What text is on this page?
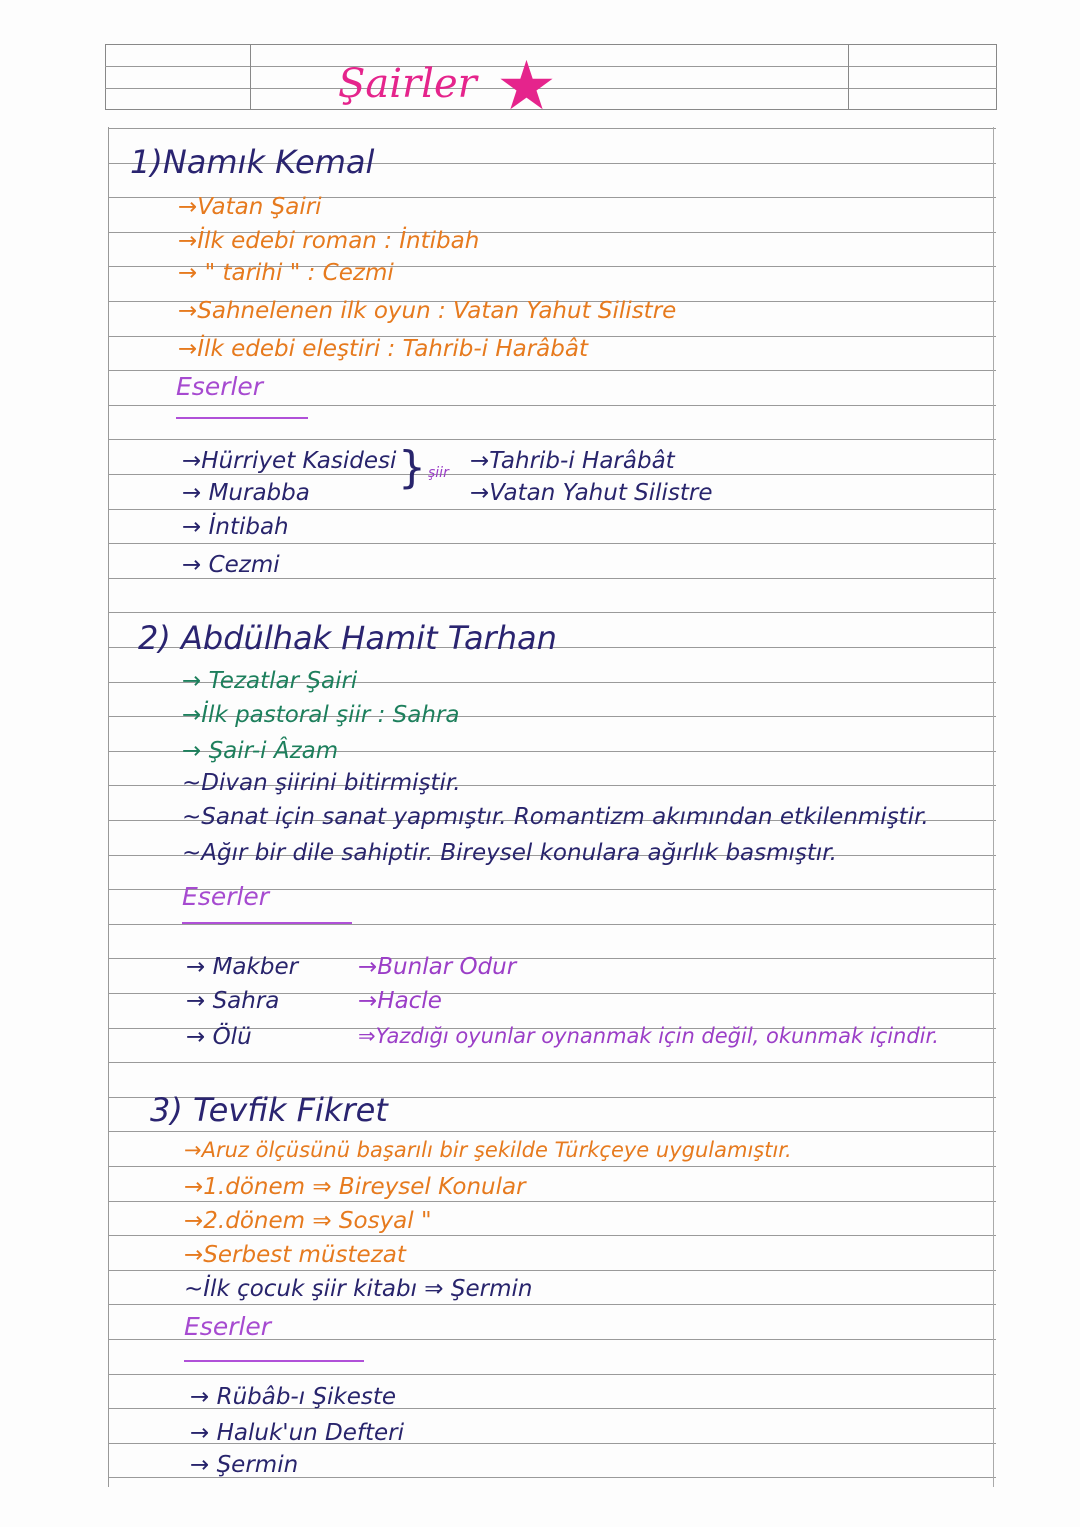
Şairler ★
1)Namık Kemal
→Vatan Şairi
→İlk edebi roman : İntibah
→ " tarihi " : Cezmi
→Sahnelenen ilk oyun : Vatan Yahut Silistre
→İlk edebi eleştiri : Tahrib-i Harâbât
Eserler
→Hürriyet Kasidesi
→ Murabba
→ İntibah
→ Cezmi
} şiir →Tahrib-i Harâbât
→Vatan Yahut Silistre
2) Abdülhak Hamit Tarhan
→ Tezatlar Şairi
→İlk pastoral şiir : Sahra
→ Şair-i Âzam
~Divan şiirini bitirmiştir.
~Sanat için sanat yapmıştır. Romantizm akımından etkilenmiştir.
~Ağır bir dile sahiptir. Bireysel konulara ağırlık basmıştır.
Eserler
→ Makber
→ Sahra
→ Ölü
→Bunlar Odur
→Hacle
⇒Yazdığı oyunlar oynanmak için değil, okunmak içindir.
3) Tevfik Fikret
→Aruz ölçüsünü başarılı bir şekilde Türkçeye uygulamıştır.
→1.dönem ⇒ Bireysel Konular
→2.dönem ⇒ Sosyal "
→Serbest müstezat
~İlk çocuk şiir kitabı ⇒ Şermin
Eserler
→ Rübâb-ı Şikeste
→ Haluk'un Defteri
→ Şermin
